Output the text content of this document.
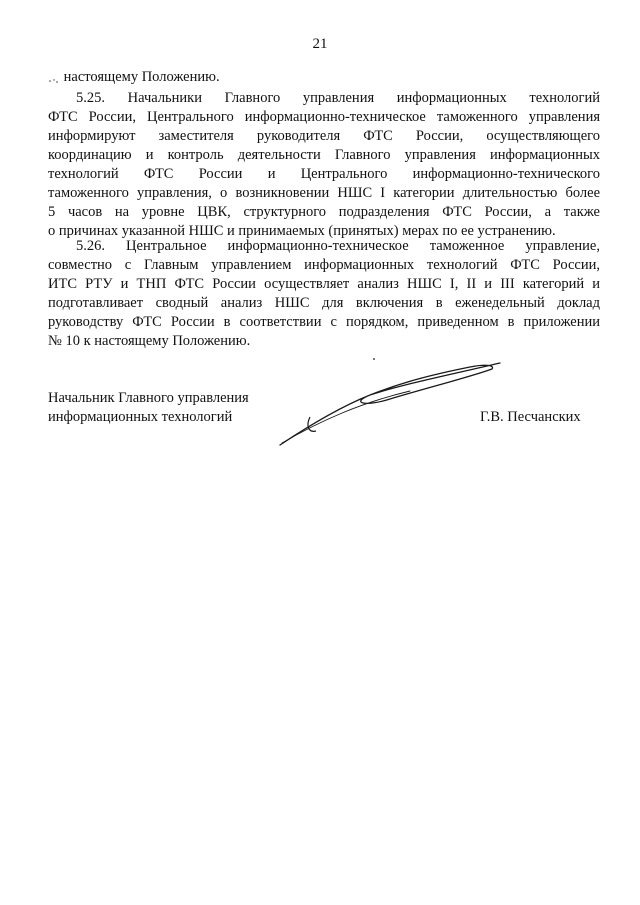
21
настоящему Положению.
5.25. Начальники Главного управления информационных технологий
ФТС России, Центрального информационно-техническое таможенного управления
информируют заместителя руководителя ФТС России, осуществляющего
координацию и контроль деятельности Главного управления информационных
технологий ФТС России и Центрального информационно-технического
таможенного управления, о возникновении НШС I категории длительностью более
5 часов на уровне ЦВК, структурного подразделения ФТС России, а также
о причинах указанной НШС и принимаемых (принятых) мерах по ее устранению.
5.26. Центральное информационно-техническое таможенное управление,
совместно с Главным управлением информационных технологий ФТС России,
ИТС РТУ и ТНП ФТС России осуществляет анализ НШС I, II и III категорий и
подготавливает сводный анализ НШС для включения в еженедельный доклад
руководству ФТС России в соответствии с порядком, приведенном в приложении
№ 10 к настоящему Положению.
Начальник Главного управления
информационных технологий	Г.В. Песчанских
